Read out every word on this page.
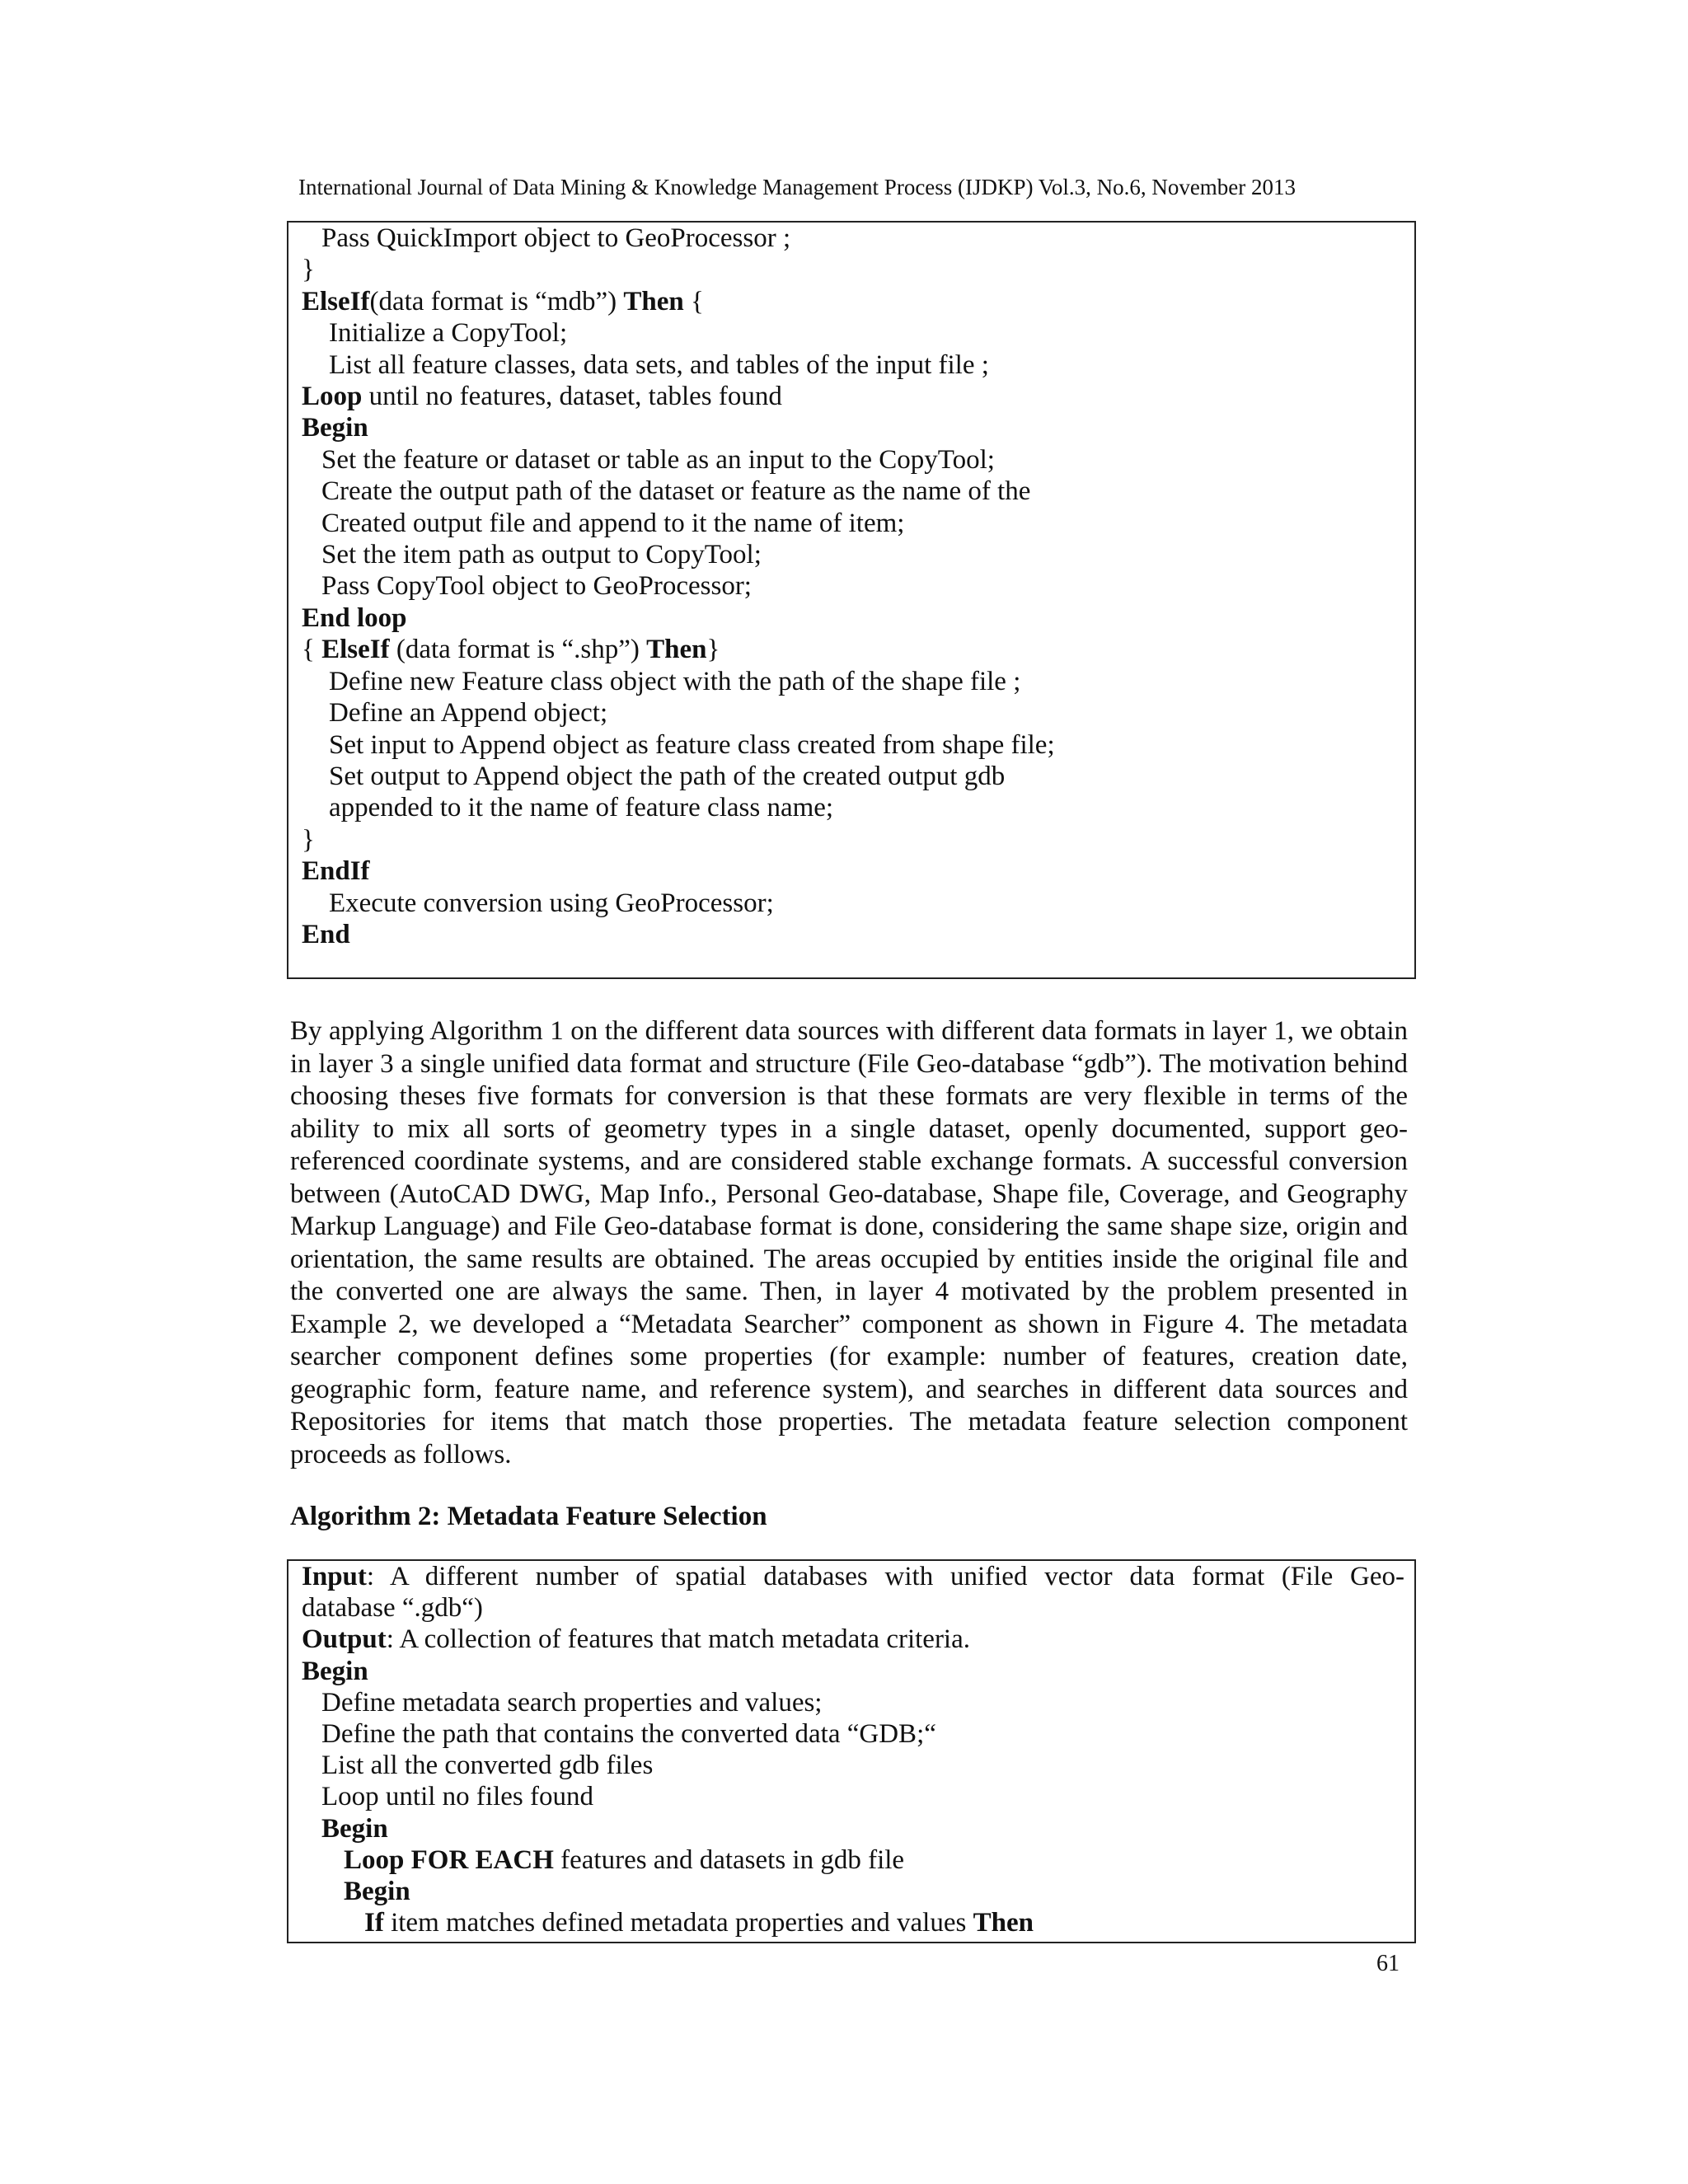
International Journal of Data Mining & Knowledge Management Process (IJDKP) Vol.3, No.6, November 2013
Pass QuickImport object to GeoProcessor ;
}
ElseIf(data format is “mdb”) Then {
Initialize a CopyTool;
List all feature classes, data sets, and tables of the input file ;
Loop until no features, dataset, tables found
Begin
Set the feature or dataset or table as an input to the CopyTool;
Create the output path of the dataset or feature as the name of the
Created output file and append to it the name of item;
Set the item path as output to CopyTool;
Pass CopyTool object to GeoProcessor;
End loop
{ ElseIf (data format is “.shp”) Then}
Define new Feature class object with the path of the shape file ;
Define an Append object;
Set input to Append object as feature class created from shape file;
Set output to Append object the path of the created output gdb
appended to it the name of feature class name;
}
EndIf
Execute conversion using GeoProcessor;
End

By applying Algorithm 1 on the different data sources with different data formats in layer 1, we obtain in layer 3 a single unified data format and structure (File Geo-database “gdb”). The motivation behind choosing theses five formats for conversion is that these formats are very flexible in terms of the ability to mix all sorts of geometry types in a single dataset, openly documented, support geo-referenced coordinate systems, and are considered stable exchange formats. A successful conversion between (AutoCAD DWG, Map Info., Personal Geo-database, Shape file, Coverage, and Geography Markup Language) and File Geo-database format is done, considering the same shape size, origin and orientation, the same results are obtained. The areas occupied by entities inside the original file and the converted one are always the same. Then, in layer 4 motivated by the problem presented in Example 2, we developed a “Metadata Searcher” component as shown in Figure 4. The metadata searcher component defines some properties (for example: number of features, creation date, geographic form, feature name, and reference system), and searches in different data sources and Repositories for items that match those properties. The metadata feature selection component proceeds as follows.

Algorithm 2: Metadata Feature Selection
Input: A different number of spatial databases with unified vector data format (File Geo-
database “.gdb“)
Output: A collection of features that match metadata criteria.
Begin
Define metadata search properties and values;
Define the path that contains the converted data “GDB;“
List all the converted gdb files
Loop until no files found
Begin
Loop FOR EACH features and datasets in gdb file
Begin
If item matches defined metadata properties and values Then
61
